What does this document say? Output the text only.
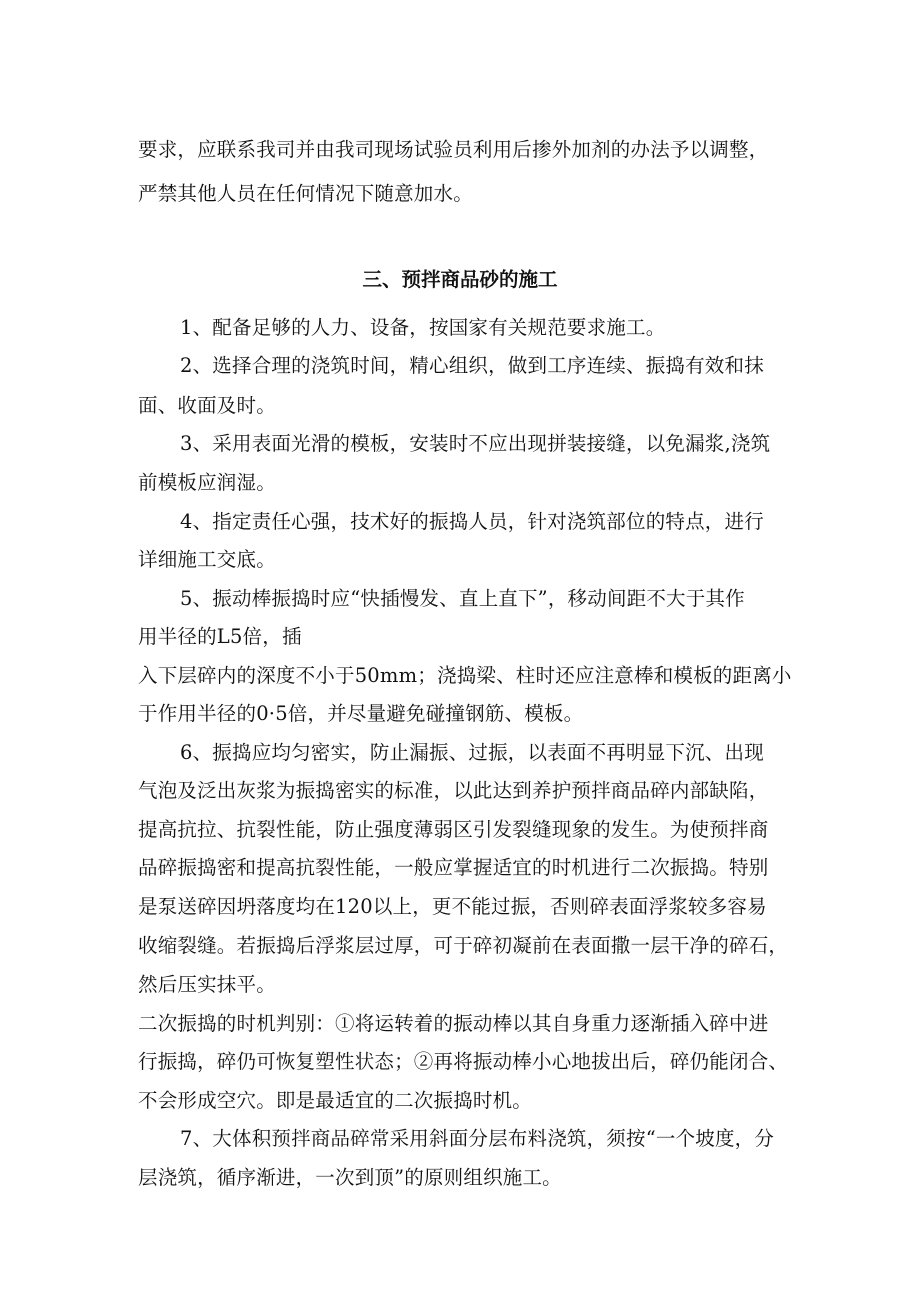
要求，应联系我司并由我司现场试验员利用后掺外加剂的办法予以调整，
严禁其他人员在任何情况下随意加水。
三、预拌商品砂的施工
1、配备足够的人力、设备，按国家有关规范要求施工。
2、选择合理的浇筑时间，精心组织，做到工序连续、振捣有效和抹
面、收面及时。
3、采用表面光滑的模板，安装时不应出现拼装接缝，以免漏浆,浇筑
前模板应润湿。
4、指定责任心强，技术好的振捣人员，针对浇筑部位的特点，进行
详细施工交底。
5、振动棒振捣时应“快插慢发、直上直下”，移动间距不大于其作
用半径的L5倍，插
入下层碎内的深度不小于50mm；浇捣梁、柱时还应注意棒和模板的距离小
于作用半径的0·5倍，并尽量避免碰撞钢筋、模板。
6、振捣应均匀密实，防止漏振、过振，以表面不再明显下沉、出现
气泡及泛出灰浆为振捣密实的标准，以此达到养护预拌商品碎内部缺陷，
提高抗拉、抗裂性能，防止强度薄弱区引发裂缝现象的发生。为使预拌商
品碎振捣密和提高抗裂性能，一般应掌握适宜的时机进行二次振捣。特别
是泵送碎因坍落度均在120以上，更不能过振，否则碎表面浮浆较多容易
收缩裂缝。若振捣后浮浆层过厚，可于碎初凝前在表面撒一层干净的碎石，
然后压实抹平。
二次振捣的时机判别：①将运转着的振动棒以其自身重力逐渐插入碎中进
行振捣，碎仍可恢复塑性状态；②再将振动棒小心地拔出后，碎仍能闭合、
不会形成空穴。即是最适宜的二次振捣时机。
7、大体积预拌商品碎常采用斜面分层布料浇筑，须按“一个坡度，分
层浇筑，循序渐进，一次到顶”的原则组织施工。
